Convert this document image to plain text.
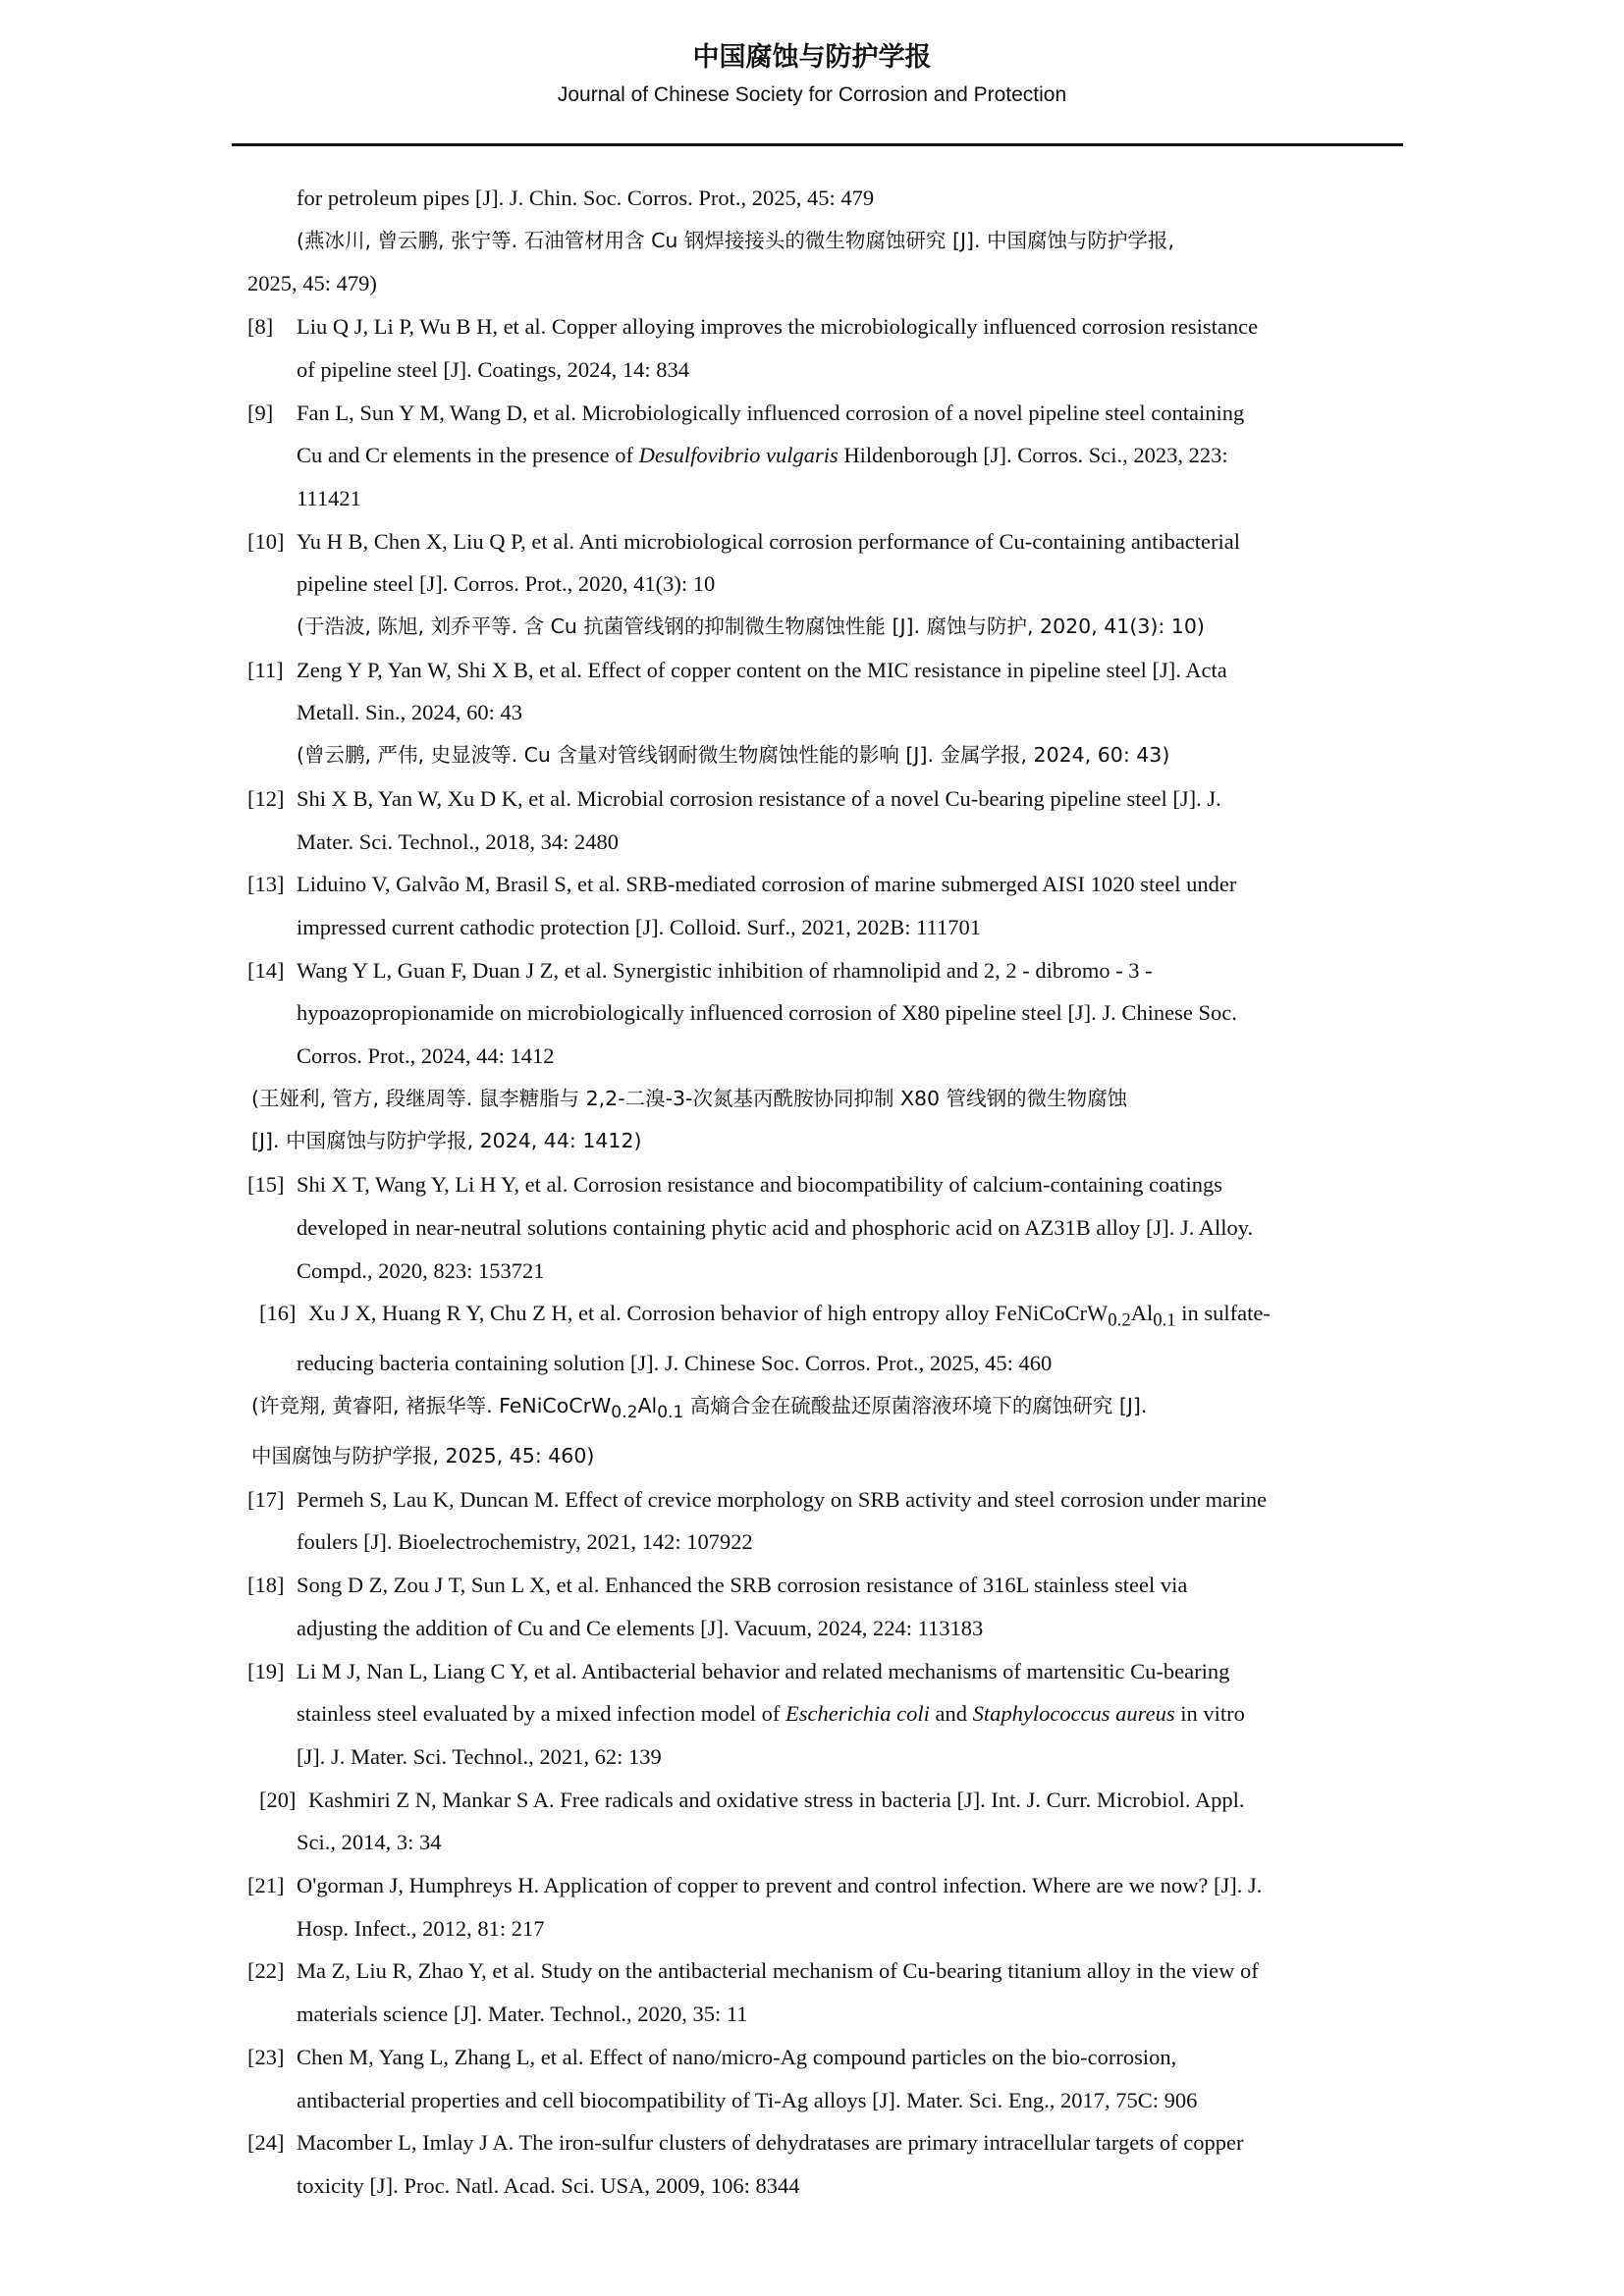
中国腐蚀与防护学报
Journal of Chinese Society for Corrosion and Protection
for petroleum pipes [J]. J. Chin. Soc. Corros. Prot., 2025, 45: 479
(燕冰川, 曾云鹏, 张宁等. 石油管材用含 Cu 钢焊接接头的微生物腐蚀研究 [J]. 中国腐蚀与防护学报,
2025, 45: 479)
[8] Liu Q J, Li P, Wu B H, et al. Copper alloying improves the microbiologically influenced corrosion resistance
of pipeline steel [J]. Coatings, 2024, 14: 834
[9] Fan L, Sun Y M, Wang D, et al. Microbiologically influenced corrosion of a novel pipeline steel containing
Cu and Cr elements in the presence of Desulfovibrio vulgaris Hildenborough [J]. Corros. Sci., 2023, 223:
111421
[10] Yu H B, Chen X, Liu Q P, et al. Anti microbiological corrosion performance of Cu-containing antibacterial
pipeline steel [J]. Corros. Prot., 2020, 41(3): 10
(于浩波, 陈旭, 刘乔平等. 含 Cu 抗菌管线钢的抑制微生物腐蚀性能 [J]. 腐蚀与防护, 2020, 41(3): 10)
[11] Zeng Y P, Yan W, Shi X B, et al. Effect of copper content on the MIC resistance in pipeline steel [J]. Acta
Metall. Sin., 2024, 60: 43
(曾云鹏, 严伟, 史显波等. Cu 含量对管线钢耐微生物腐蚀性能的影响 [J]. 金属学报, 2024, 60: 43)
[12] Shi X B, Yan W, Xu D K, et al. Microbial corrosion resistance of a novel Cu-bearing pipeline steel [J]. J.
Mater. Sci. Technol., 2018, 34: 2480
[13] Liduino V, Galvão M, Brasil S, et al. SRB-mediated corrosion of marine submerged AISI 1020 steel under
impressed current cathodic protection [J]. Colloid. Surf., 2021, 202B: 111701
[14] Wang Y L, Guan F, Duan J Z, et al. Synergistic inhibition of rhamnolipid and 2, 2 - dibromo - 3 -
hypoazopropionamide on microbiologically influenced corrosion of X80 pipeline steel [J]. J. Chinese Soc.
Corros. Prot., 2024, 44: 1412
(王娅利, 管方, 段继周等. 鼠李糖脂与 2,2-二溴-3-次氮基丙酰胺协同抑制 X80 管线钢的微生物腐蚀
[J]. 中国腐蚀与防护学报, 2024, 44: 1412)
[15] Shi X T, Wang Y, Li H Y, et al. Corrosion resistance and biocompatibility of calcium-containing coatings
developed in near-neutral solutions containing phytic acid and phosphoric acid on AZ31B alloy [J]. J. Alloy.
Compd., 2020, 823: 153721
[16] Xu J X, Huang R Y, Chu Z H, et al. Corrosion behavior of high entropy alloy $FeNiCoCrW_{0.2}Al_{0.1}$ in sulfate-
reducing bacteria containing solution [J]. J. Chinese Soc. Corros. Prot., 2025, 45: 460
(许竞翔, 黄睿阳, 褚振华等. $FeNiCoCrW_{0.2}Al_{0.1}$ 高熵合金在硫酸盐还原菌溶液环境下的腐蚀研究 [J].
中国腐蚀与防护学报, 2025, 45: 460)
[17] Permeh S, Lau K, Duncan M. Effect of crevice morphology on SRB activity and steel corrosion under marine
foulers [J]. Bioelectrochemistry, 2021, 142: 107922
[18] Song D Z, Zou J T, Sun L X, et al. Enhanced the SRB corrosion resistance of 316L stainless steel via
adjusting the addition of Cu and Ce elements [J]. Vacuum, 2024, 224: 113183
[19] Li M J, Nan L, Liang C Y, et al. Antibacterial behavior and related mechanisms of martensitic Cu-bearing
stainless steel evaluated by a mixed infection model of Escherichia coli and Staphylococcus aureus in vitro
[J]. J. Mater. Sci. Technol., 2021, 62: 139
[20] Kashmiri Z N, Mankar S A. Free radicals and oxidative stress in bacteria [J]. Int. J. Curr. Microbiol. Appl.
Sci., 2014, 3: 34
[21] O'gorman J, Humphreys H. Application of copper to prevent and control infection. Where are we now? [J]. J.
Hosp. Infect., 2012, 81: 217
[22] Ma Z, Liu R, Zhao Y, et al. Study on the antibacterial mechanism of Cu-bearing titanium alloy in the view of
materials science [J]. Mater. Technol., 2020, 35: 11
[23] Chen M, Yang L, Zhang L, et al. Effect of nano/micro-Ag compound particles on the bio-corrosion,
antibacterial properties and cell biocompatibility of Ti-Ag alloys [J]. Mater. Sci. Eng., 2017, 75C: 906
[24] Macomber L, Imlay J A. The iron-sulfur clusters of dehydratases are primary intracellular targets of copper
toxicity [J]. Proc. Natl. Acad. Sci. USA, 2009, 106: 8344
